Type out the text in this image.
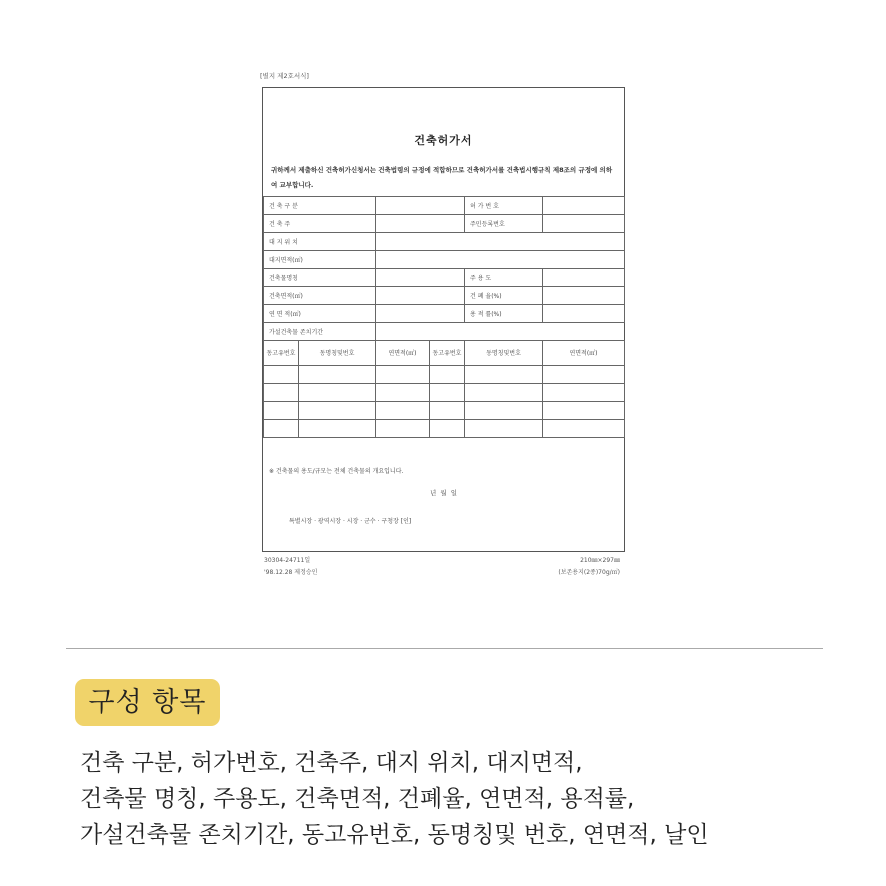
[별지 제2호서식]
건축허가서
귀하께서 제출하신 건축허가신청서는 건축법령의 규정에 적합하므로 건축허가서를 건축법시행규칙 제8조의 규정에 의하여 교부합니다.
건 축 구 분				허 가 번 호	
건 축 주				주민등록번호	
대 지 위 치					
대지면적(㎡)					
건축물명칭				주 용 도	
건축면적(㎡)				건 폐 율(%)	
연 면 적(㎡)				용 적 률(%)	
가설건축물 존치기간					
동고유번호	동명칭및번호	연면적(㎡)	동고유번호	동명칭및번호	연면적(㎡)

※ 건축물의 용도/규모는 전체 건축물의 개요입니다.
년 월 일
특별시장 · 광역시장 · 시장 · 군수 · 구청장 [인]
30304-24711일
'98.12.28 제정승인
210㎜×297㎜
(보존용지(2종)70g/㎡)
구성 항목
건축 구분, 허가번호, 건축주, 대지 위치, 대지면적,
건축물 명칭, 주용도, 건축면적, 건폐율, 연면적, 용적률,
가설건축물 존치기간, 동고유번호, 동명칭및 번호, 연면적, 날인
